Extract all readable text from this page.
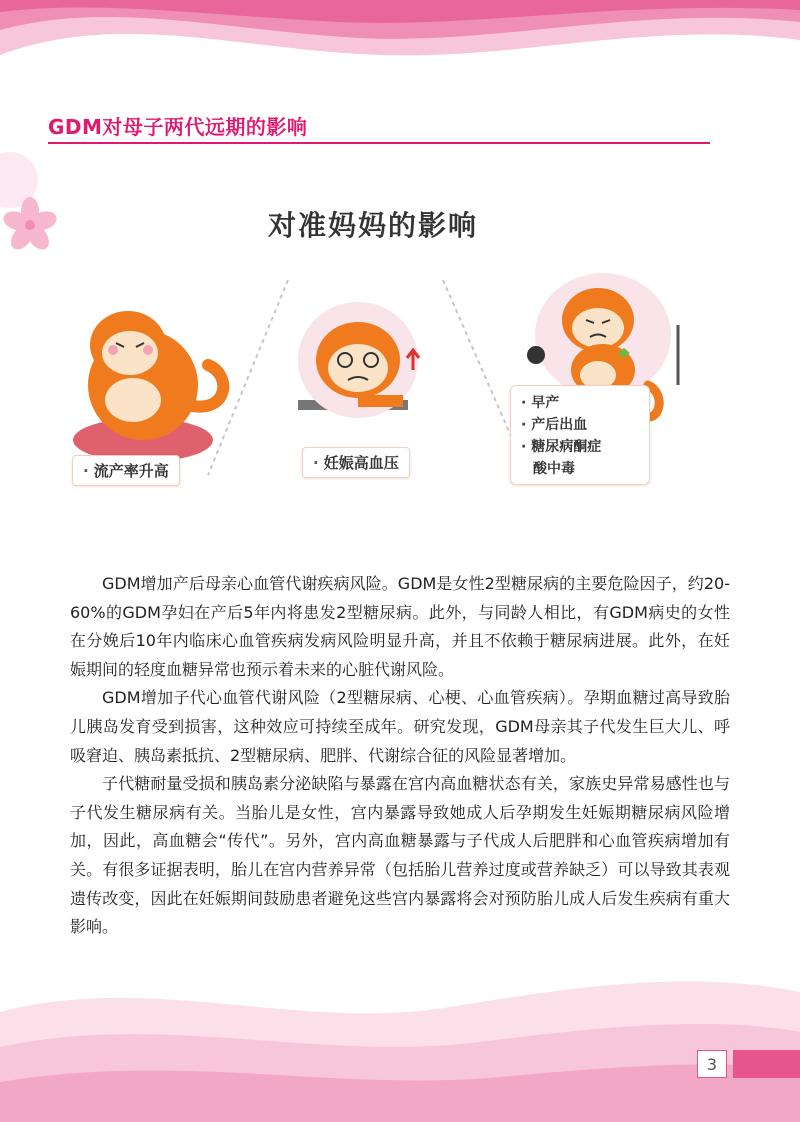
GDM对母子两代远期的影响
对准妈妈的影响
· 流产率升高	· 妊娠高血压
· 早产
· 产后出血
· 糖尿病酮症
酸中毒

GDM增加产后母亲心血管代谢疾病风险。GDM是女性2型糖尿病的主要危险因子，约20-60%的GDM孕妇在产后5年内将患发2型糖尿病。此外，与同龄人相比，有GDM病史的女性在分娩后10年内临床心血管疾病发病风险明显升高，并且不依赖于糖尿病进展。此外，在妊娠期间的轻度血糖异常也预示着未来的心脏代谢风险。

GDM增加子代心血管代谢风险（2型糖尿病、心梗、心血管疾病）。孕期血糖过高导致胎儿胰岛发育受到损害，这种效应可持续至成年。研究发现，GDM母亲其子代发生巨大儿、呼吸窘迫、胰岛素抵抗、2型糖尿病、肥胖、代谢综合征的风险显著增加。

子代糖耐量受损和胰岛素分泌缺陷与暴露在宫内高血糖状态有关，家族史异常易感性也与子代发生糖尿病有关。当胎儿是女性，宫内暴露导致她成人后孕期发生妊娠期糖尿病风险增加，因此，高血糖会“传代”。另外，宫内高血糖暴露与子代成人后肥胖和心血管疾病增加有关。有很多证据表明，胎儿在宫内营养异常（包括胎儿营养过度或营养缺乏）可以导致其表观遗传改变，因此在妊娠期间鼓励患者避免这些宫内暴露将会对预防胎儿成人后发生疾病有重大影响。

3
